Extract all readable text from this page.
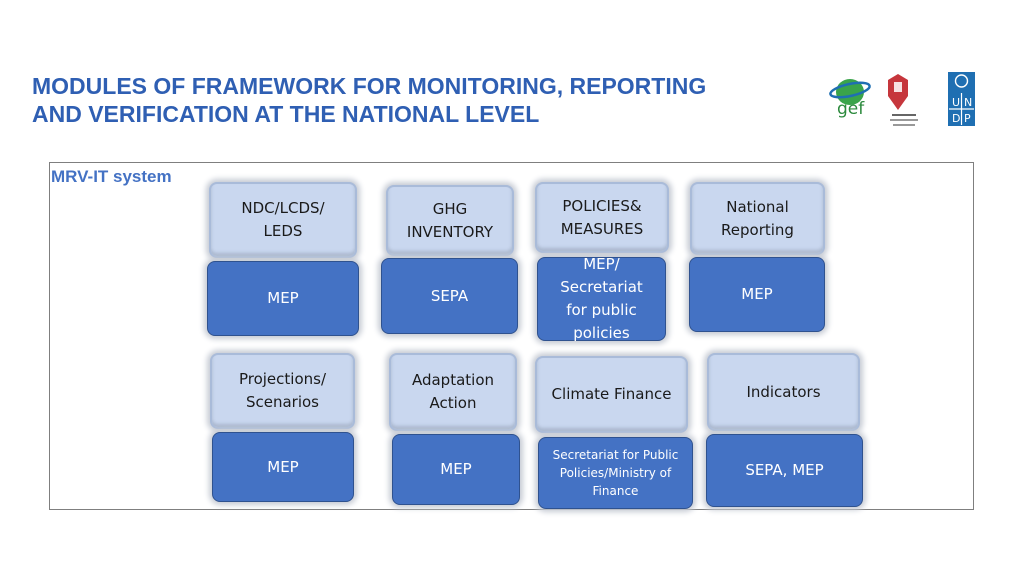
MODULES OF FRAMEWORK FOR MONITORING, REPORTING
AND VERIFICATION AT THE NATIONAL LEVEL	gef	U N
D P
MRV-IT system
NDC/LCDS/
LEDS
MEP
GHG
INVENTORY
SEPA
POLICIES&
MEASURES
MEP/
Secretariat
for public
policies
National
Reporting
MEP
Projections/
Scenarios
MEP
Adaptation
Action
MEP
Climate Finance
Secretariat for Public
Policies/Ministry of
Finance
Indicators
SEPA, MEP
